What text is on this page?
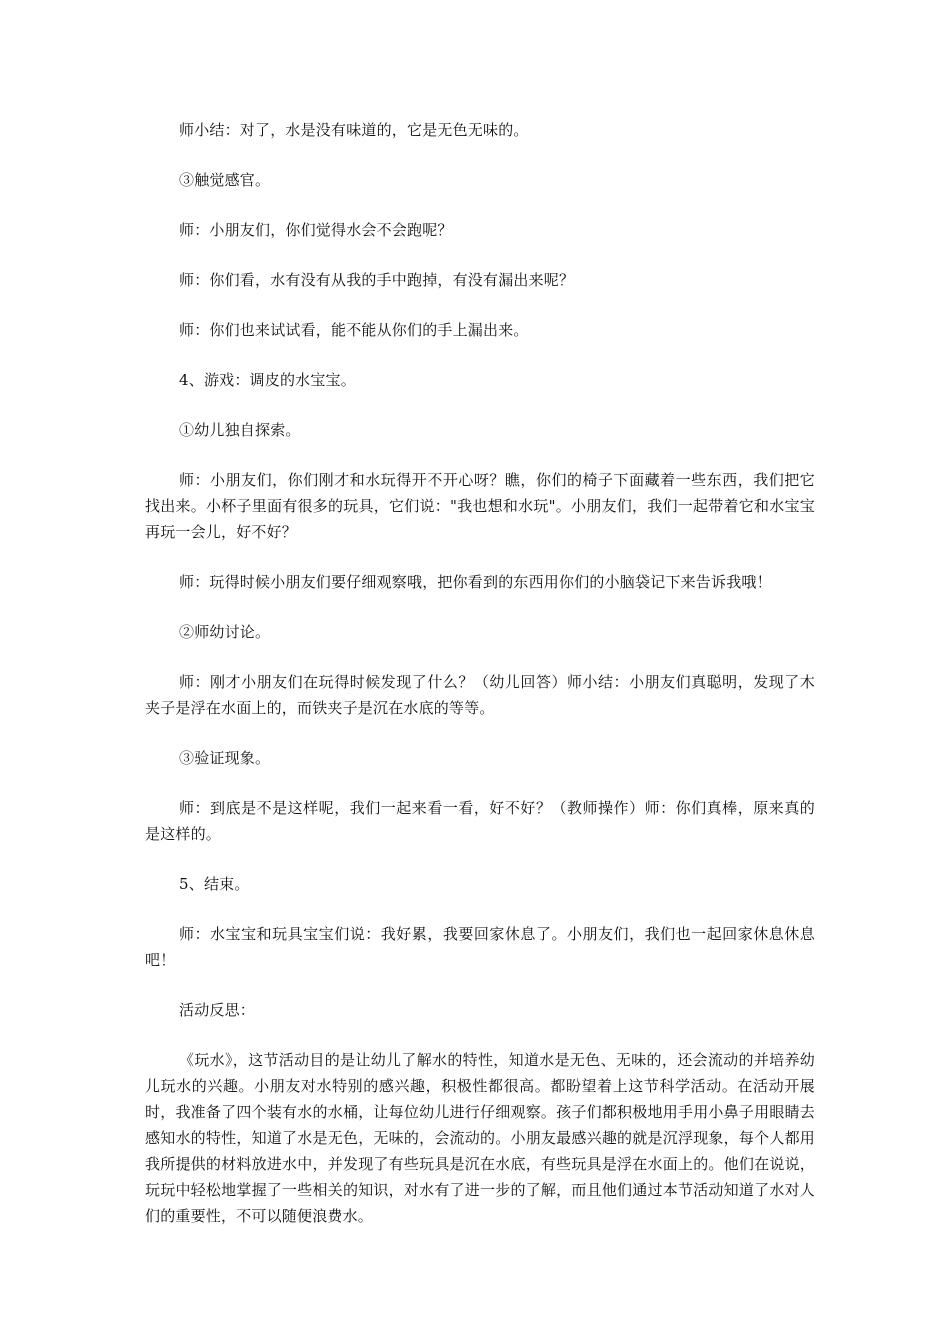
师小结：对了，水是没有味道的，它是无色无味的。

③触觉感官。

师：小朋友们，你们觉得水会不会跑呢？

师：你们看，水有没有从我的手中跑掉，有没有漏出来呢？

师：你们也来试试看，能不能从你们的手上漏出来。

4、游戏：调皮的水宝宝。

①幼儿独自探索。

师：小朋友们，你们刚才和水玩得开不开心呀？瞧，你们的椅子下面藏着一些东西，我们把它找出来。小杯子里面有很多的玩具，它们说："我也想和水玩"。小朋友们，我们一起带着它和水宝宝再玩一会儿，好不好？

师：玩得时候小朋友们要仔细观察哦，把你看到的东西用你们的小脑袋记下来告诉我哦！

②师幼讨论。

师：刚才小朋友们在玩得时候发现了什么？（幼儿回答）师小结：小朋友们真聪明，发现了木夹子是浮在水面上的，而铁夹子是沉在水底的等等。

③验证现象。

师：到底是不是这样呢，我们一起来看一看，好不好？（教师操作）师：你们真棒，原来真的是这样的。

5、结束。

师：水宝宝和玩具宝宝们说：我好累，我要回家休息了。小朋友们，我们也一起回家休息休息吧！

活动反思：

《玩水》，这节活动目的是让幼儿了解水的特性，知道水是无色、无味的，还会流动的并培养幼儿玩水的兴趣。小朋友对水特别的感兴趣，积极性都很高。都盼望着上这节科学活动。在活动开展时，我准备了四个装有水的水桶，让每位幼儿进行仔细观察。孩子们都积极地用手用小鼻子用眼睛去感知水的特性，知道了水是无色，无味的，会流动的。小朋友最感兴趣的就是沉浮现象，每个人都用我所提供的材料放进水中，并发现了有些玩具是沉在水底，有些玩具是浮在水面上的。他们在说说，玩玩中轻松地掌握了一些相关的知识，对水有了进一步的了解，而且他们通过本节活动知道了水对人们的重要性，不可以随便浪费水。
